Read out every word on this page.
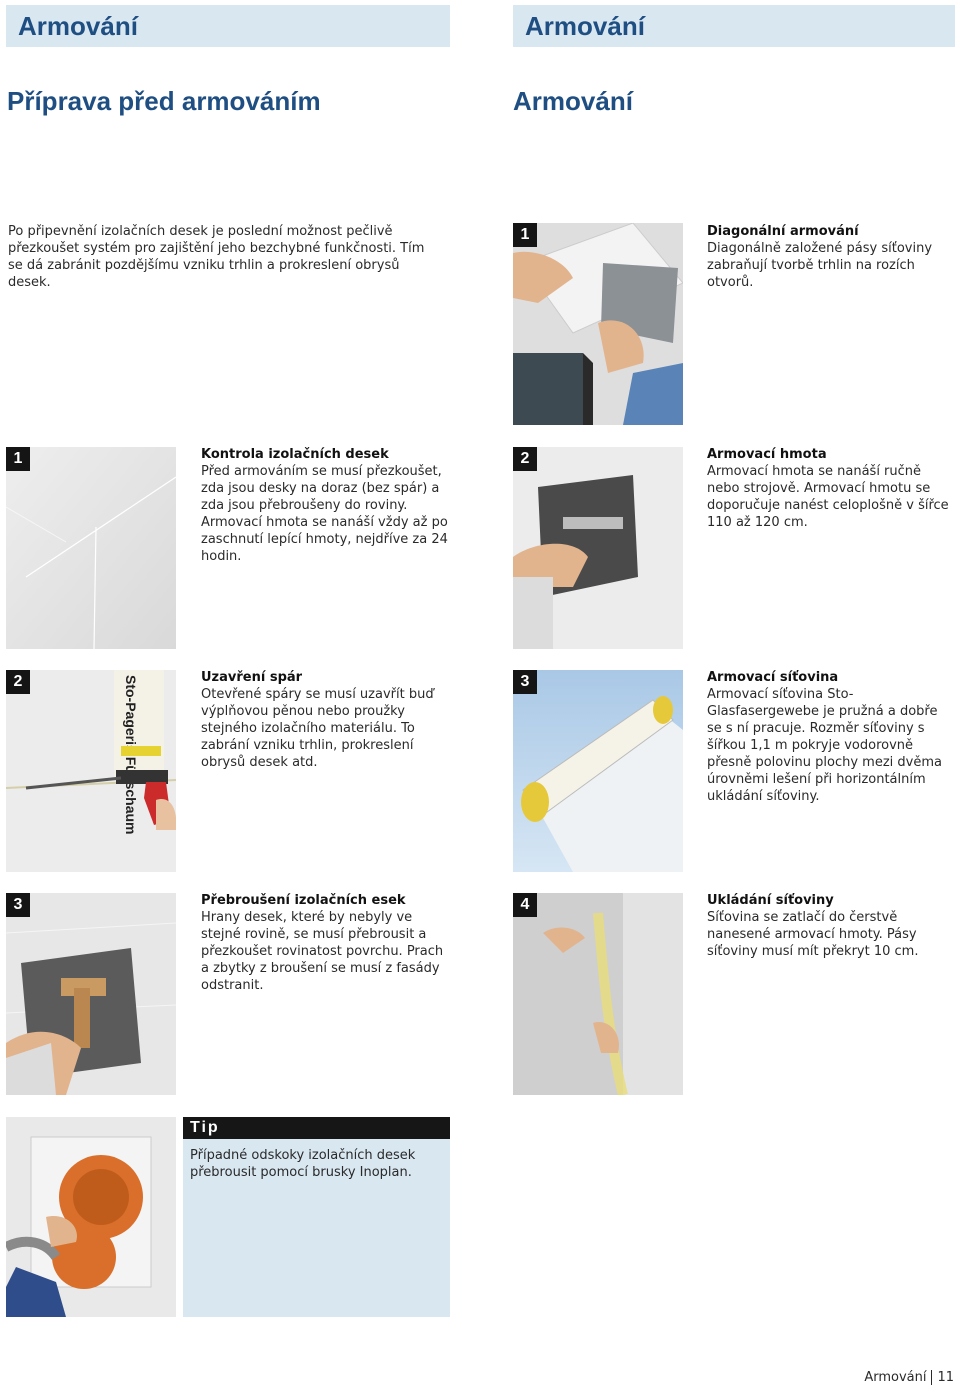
Armování	Armování
Příprava před armováním	Armování
Po připevnění izolačních desek je poslední možnost pečlivě přezkoušet systém pro zajištění jeho bezchybné funkčnosti. Tím se dá zabránit pozdějšímu vzniku trhlin a prokreslení obrysů desek.
1	Kontrola izolačních desek
Před armováním se musí přezkoušet, zda jsou desky na doraz (bez spár) a zda jsou přebroušeny do roviny. Armovací hmota se nanáší vždy až po zaschnutí lepící hmoty, nejdříve za 24 hodin.
2	Uzavření spár
Otevřené spáry se musí uzavřít buď výplňovou pěnou nebo proužky stejného izolačního materiálu. To zabrání vzniku trhlin, prokreslení obrysů desek atd.
3	Přebroušení izolačních esek
Hrany desek, které by nebyly ve stejné rovině, se musí přebrousit a přezkoušet rovinatost povrchu. Prach a zbytky z broušení se musí z fasády odstranit.
Tip
Případné odskoky izolačních desek přebrousit pomocí brusky Inoplan.
1	Diagonální armování
Diagonálně založené pásy síťoviny zabraňují tvorbě trhlin na rozích otvorů.
2	Armovací hmota
Armovací hmota se nanáší ručně nebo strojově. Armovací hmotu se doporučuje nanést celoplošně v šířce 110 až 120 cm.
3	Armovací síťovina
Armovací síťovina Sto-Glasfasergewebe je pružná a dobře se s ní pracuje. Rozměr síťoviny s šířkou 1,1 m pokryje vodorovně přesně polovinu plochy mezi dvěma úrovněmi lešení při horizontálním ukládání síťoviny.
4	Ukládání síťoviny
Síťovina se zatlačí do čerstvě nanesené armovací hmoty. Pásy síťoviny musí mít překryt 10 cm.
Armování 11
